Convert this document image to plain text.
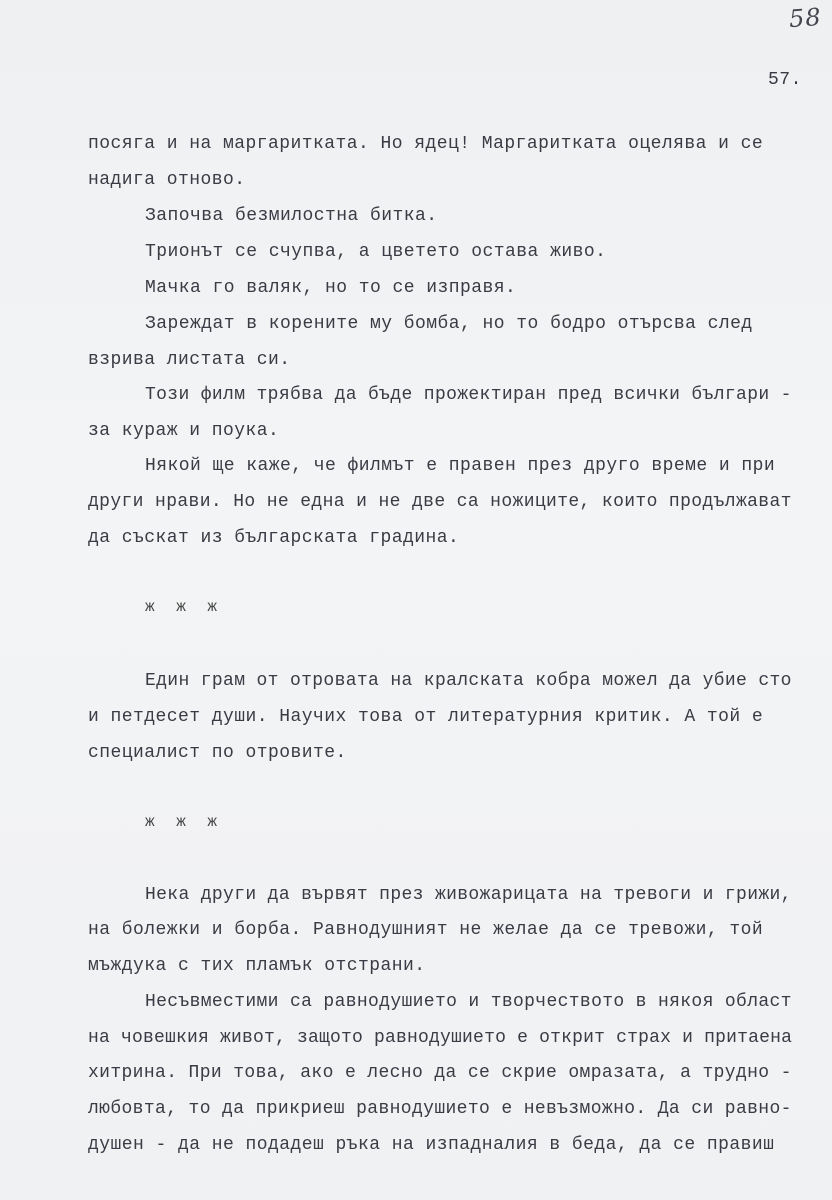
58
57.
посяга и на маргаритката. Но ядец! Маргаритката оцелява и се
надига отново.
Започва безмилостна битка.
Трионът се счупва, а цветето остава живо.
Мачка го валяк, но то се изправя.
Зареждат в корените му бомба, но то бодро отърсва след
взрива листата си.
Този филм трябва да бъде прожектиран пред всички българи -
за кураж и поука.
Някой ще каже, че филмът е правен през друго време и при
други нрави. Но не една и не две са ножиците, които продължават
да съскат из българската градина.
ж ж ж
Един грам от отровата на кралската кобра можел да убие сто
и петдесет души. Научих това от литературния критик. А той е
специалист по отровите.
ж ж ж
Нека други да вървят през живожарицата на тревоги и грижи,
на болежки и борба. Равнодушният не желае да се тревожи, той
мъждука с тих пламък отстрани.
Несъвместими са равнодушието и творчеството в някоя област
на човешкия живот, защото равнодушието е открит страх и притаена
хитрина. При това, ако е лесно да се скрие омразата, а трудно -
любовта, то да прикриеш равнодушието е невъзможно. Да си равно-
душен - да не подадеш ръка на изпадналия в беда, да се правиш
